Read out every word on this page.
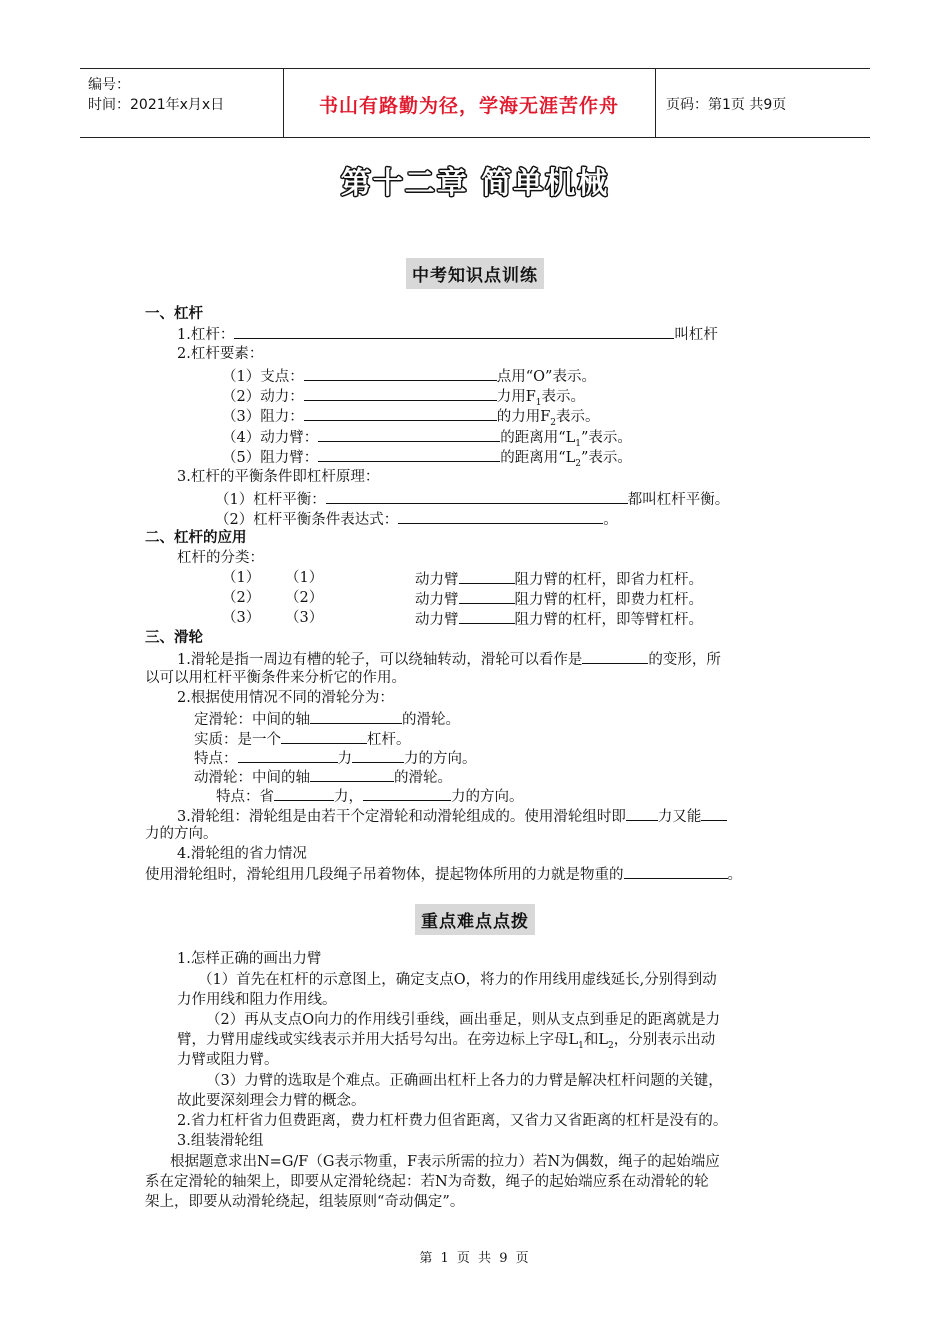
编号：
时间：2021年x月x日	书山有路勤为径，学海无涯苦作舟	页码：第1页 共9页
第十二章 简单机械
中考知识点训练
一、杠杆
1.杠杆：	叫杠杆
2.杠杆要素：
（1）支点：	点用“O”表示。
（2）动力：	力用$F_1$表示。
（3）阻力：	的力用$F_2$表示。
（4）动力臂：	的距离用“$L_1$”表示。
（5）阻力臂：	的距离用“$L_2$”表示。
3.杠杆的平衡条件即杠杆原理：
（1）杠杆平衡：	都叫杠杆平衡。
（2）杠杆平衡条件表达式：	。
二、杠杆的应用
杠杆的分类：
（1） （1）	动力臂	阻力臂的杠杆，即省力杠杆。
（2） （2）	动力臂	阻力臂的杠杆，即费力杠杆。
（3） （3）	动力臂	阻力臂的杠杆，即等臂杠杆。
三、滑轮
1.滑轮是指一周边有槽的轮子，可以绕轴转动，滑轮可以看作是	的变形，所
以可以用杠杆平衡条件来分析它的作用。
2.根据使用情况不同的滑轮分为：
定滑轮：中间的轴	的滑轮。
实质：是一个	杠杆。
特点：	力	力的方向。
动滑轮：中间的轴	的滑轮。
特点：省	力，	力的方向。
3.滑轮组：滑轮组是由若干个定滑轮和动滑轮组成的。使用滑轮组时即 力又能
力的方向。
4.滑轮组的省力情况
使用滑轮组时，滑轮组用几段绳子吊着物体，提起物体所用的力就是物重的	。
重点难点点拨
1.怎样正确的画出力臂
（1）首先在杠杆的示意图上，确定支点O，将力的作用线用虚线延长,分别得到动
力作用线和阻力作用线。
（2）再从支点O向力的作用线引垂线，画出垂足，则从支点到垂足的距离就是力
臂，力臂用虚线或实线表示并用大括号勾出。在旁边标上字母$L_1$和$L_2$，分别表示出动
力臂或阻力臂。
（3）力臂的选取是个难点。正确画出杠杆上各力的力臂是解决杠杆问题的关键，
故此要深刻理会力臂的概念。
2.省力杠杆省力但费距离，费力杠杆费力但省距离，又省力又省距离的杠杆是没有的。
3.组装滑轮组
根据题意求出N=G/F（G表示物重，F表示所需的拉力）若N为偶数，绳子的起始端应
系在定滑轮的轴架上，即要从定滑轮绕起：若N为奇数，绳子的起始端应系在动滑轮的轮
架上，即要从动滑轮绕起，组装原则“奇动偶定”。
第 1 页 共 9 页
